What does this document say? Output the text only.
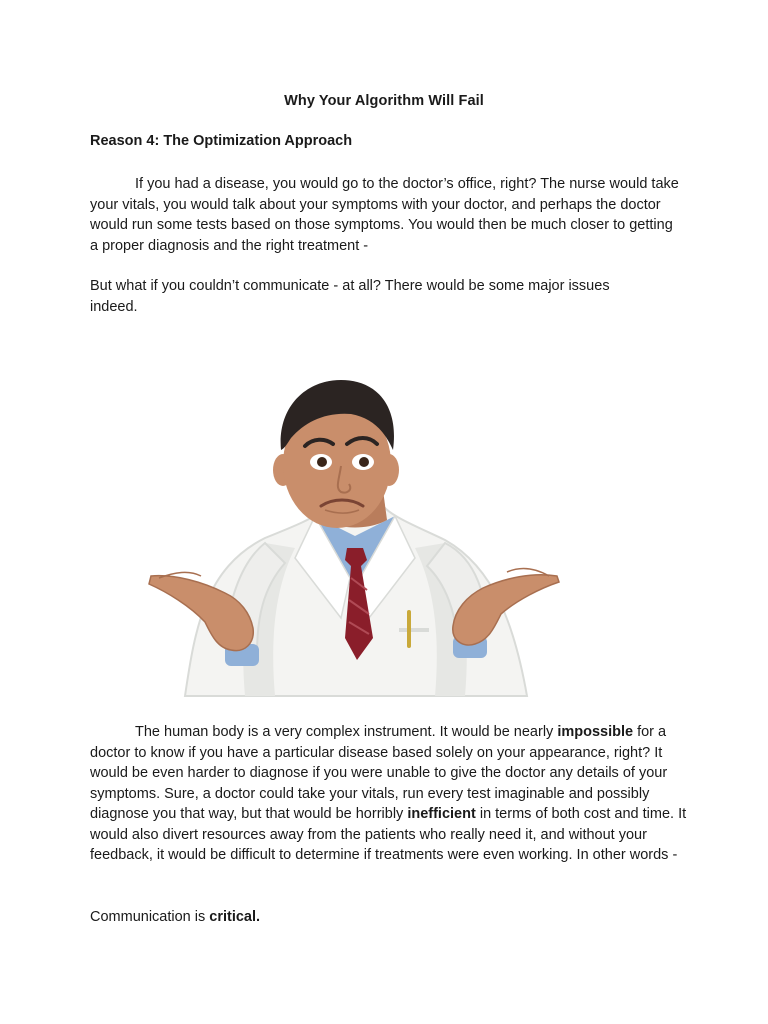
Why Your Algorithm Will Fail
Reason 4: The Optimization Approach

If you had a disease, you would go to the doctor’s office, right? The nurse would take your vitals, you would talk about your symptoms with your doctor, and perhaps the doctor would run some tests based on those symptoms. You would then be much closer to getting a proper diagnosis and the right treatment -

But what if you couldn’t communicate - at all? There would be some major issues indeed.

The human body is a very complex instrument. It would be nearly impossible for a doctor to know if you have a particular disease based solely on your appearance, right? It would be even harder to diagnose if you were unable to give the doctor any details of your symptoms. Sure, a doctor could take your vitals, run every test imaginable and possibly diagnose you that way, but that would be horribly inefficient in terms of both cost and time. It would also divert resources away from the patients who really need it, and without your feedback, it would be difficult to determine if treatments were even working. In other words -

Communication is critical.
